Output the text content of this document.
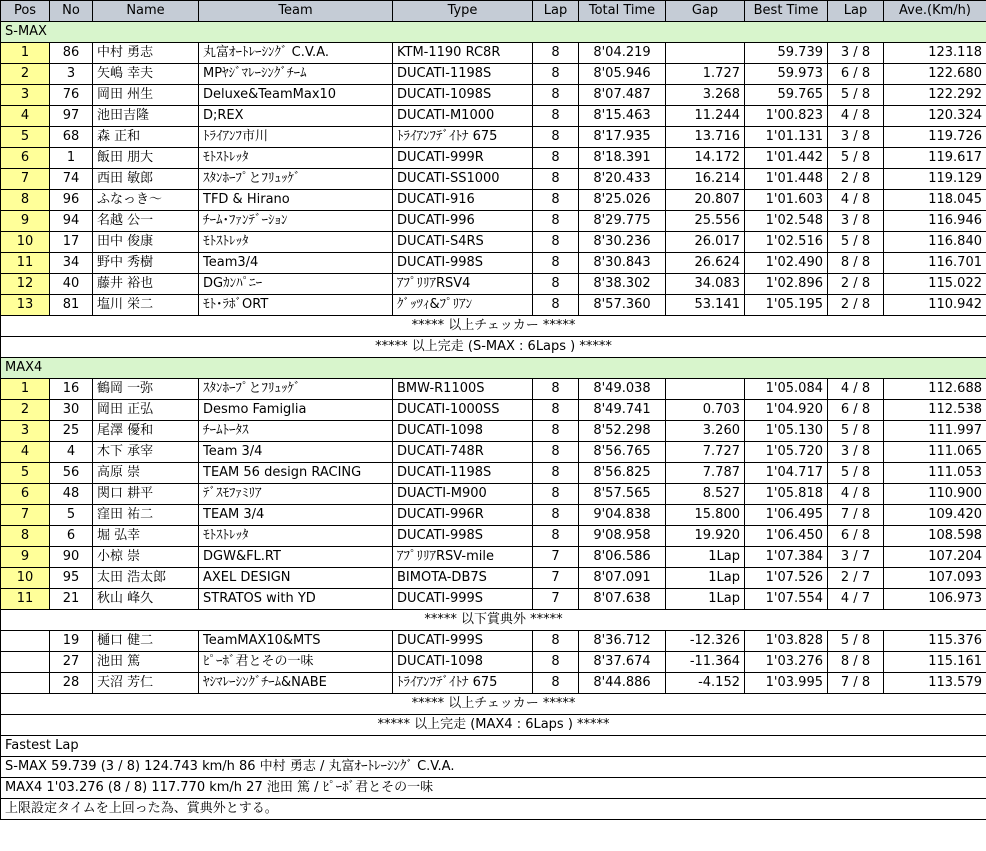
Pos	No	Name	Team	Type	Lap	Total Time	Gap	Best Time	Lap	Ave.(Km/h)
S-MAX										
1	86	中村 勇志	丸富ｵｰﾄﾚｰｼﾝｸﾞ C.V.A.	KTM-1190 RC8R	8	8'04.219		59.739	3 / 8	123.118
2	3	矢嶋 幸夫	MPﾔｼﾞﾏﾚｰｼﾝｸﾞﾁｰﾑ	DUCATI-1198S	8	8'05.946	1.727	59.973	6 / 8	122.680
3	76	岡田 州生	Deluxe&TeamMax10	DUCATI-1098S	8	8'07.487	3.268	59.765	5 / 8	122.292
4	97	池田吉隆	D;REX	DUCATI-M1000	8	8'15.463	11.244	1'00.823	4 / 8	120.324
5	68	森 正和	ﾄﾗｲｱﾝﾌ市川	ﾄﾗｲｱﾝﾌﾃﾞｲﾄﾅ 675	8	8'17.935	13.716	1'01.131	3 / 8	119.726
6	1	飯田 朋大	ﾓﾄｽﾄﾚｯﾀ	DUCATI-999R	8	8'18.391	14.172	1'01.442	5 / 8	119.617
7	74	西田 敏郎	ｽﾀﾝﾎｰﾌﾟとﾌﾘｭｯｹﾞ	DUCATI-SS1000	8	8'20.433	16.214	1'01.448	2 / 8	119.129
8	96	ふなっき～	TFD & Hirano	DUCATI-916	8	8'25.026	20.807	1'01.603	4 / 8	118.045
9	94	名越 公一	ﾁｰﾑ･ﾌｧﾝﾃﾞｰｼｮﾝ	DUCATI-996	8	8'29.775	25.556	1'02.548	3 / 8	116.946
10	17	田中 俊康	ﾓﾄｽﾄﾚｯﾀ	DUCATI-S4RS	8	8'30.236	26.017	1'02.516	5 / 8	116.840
11	34	野中 秀樹	Team3/4	DUCATI-998S	8	8'30.843	26.624	1'02.490	8 / 8	116.701
12	40	藤井 裕也	DGｶﾝﾊﾟﾆｰ	ｱﾌﾟﾘﾘｱRSV4	8	8'38.302	34.083	1'02.896	2 / 8	115.022
13	81	塩川 栄二	ﾓﾄ･ﾗﾎﾞORT	ｸﾞｯﾂｨ&ﾌﾟﾘｱﾝ	8	8'57.360	53.141	1'05.195	2 / 8	110.942
***** 以上チェッカー *****										
***** 以上完走 (S-MAX : 6Laps ) *****										
MAX4										
1	16	鶴岡 一弥	ｽﾀﾝﾎｰﾌﾟとﾌﾘｭｯｹﾞ	BMW-R1100S	8	8'49.038		1'05.084	4 / 8	112.688
2	30	岡田 正弘	Desmo Famiglia	DUCATI-1000SS	8	8'49.741	0.703	1'04.920	6 / 8	112.538
3	25	尾澤 優和	ﾁｰﾑﾄｰﾀｽ	DUCATI-1098	8	8'52.298	3.260	1'05.130	5 / 8	111.997
4	4	木下 承宰	Team 3/4	DUCATI-748R	8	8'56.765	7.727	1'05.720	3 / 8	111.065
5	56	高原 崇	TEAM 56 design RACING	DUCATI-1198S	8	8'56.825	7.787	1'04.717	5 / 8	111.053
6	48	関口 耕平	ﾃﾞｽﾓﾌｧﾐﾘｱ	DUACTI-M900	8	8'57.565	8.527	1'05.818	4 / 8	110.900
7	5	窪田 祐二	TEAM 3/4	DUCATI-996R	8	9'04.838	15.800	1'06.495	7 / 8	109.420
8	6	堀 弘幸	ﾓﾄｽﾄﾚｯﾀ	DUCATI-998S	8	9'08.958	19.920	1'06.450	6 / 8	108.598
9	90	小椋 崇	DGW&FL.RT	ｱﾌﾟﾘﾘｱRSV-mile	7	8'06.586	1Lap	1'07.384	3 / 7	107.204
10	95	太田 浩太郎	AXEL DESIGN	BIMOTA-DB7S	7	8'07.091	1Lap	1'07.526	2 / 7	107.093
11	21	秋山 峰久	STRATOS with YD	DUCATI-999S	7	8'07.638	1Lap	1'07.554	4 / 7	106.973
***** 以下賞典外 *****										
	19	樋口 健二	TeamMAX10&MTS	DUCATI-999S	8	8'36.712	-12.326	1'03.828	5 / 8	115.376
	27	池田 篤	ﾋﾟｰﾎﾞ君とその一味	DUCATI-1098	8	8'37.674	-11.364	1'03.276	8 / 8	115.161
	28	天沼 芳仁	ﾔｼﾏﾚｰｼﾝｸﾞﾁｰﾑ&NABE	ﾄﾗｲｱﾝﾌﾃﾞｲﾄﾅ 675	8	8'44.886	-4.152	1'03.995	7 / 8	113.579
***** 以上チェッカー *****										
***** 以上完走 (MAX4 : 6Laps ) *****										
Fastest Lap										
S-MAX 59.739 (3 / 8) 124.743 km/h 86 中村 勇志 / 丸富ｵｰﾄﾚｰｼﾝｸﾞ C.V.A.										
MAX4 1'03.276 (8 / 8) 117.770 km/h 27 池田 篤 / ﾋﾟｰﾎﾞ君とその一味										
上限設定タイムを上回った為、賞典外とする。										
